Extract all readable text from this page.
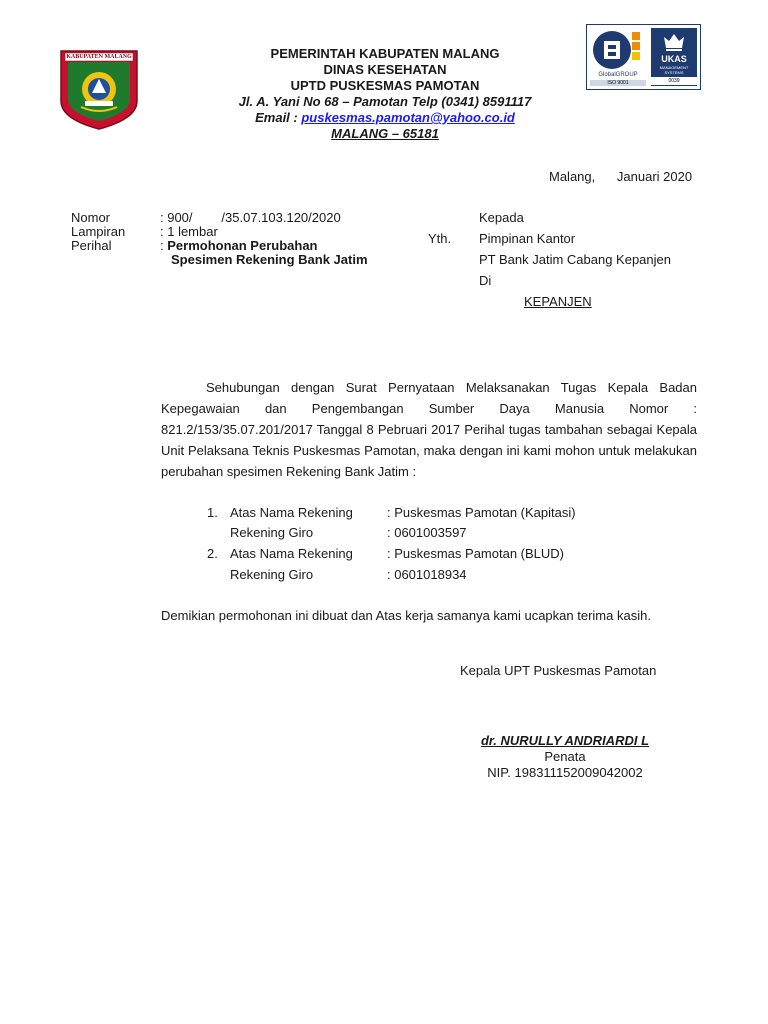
KABUPATEN MALANG	PEMERINTAH KABUPATEN MALANG
DINAS KESEHATAN
UPTD PUSKESMAS PAMOTAN
Jl. A. Yani No 68 – Pamotan Telp (0341) 8591117
Email : puskesmas.pamotan@yahoo.co.id
MALANG – 65181
GlobalGROUP
ISO 9001
UKAS
MANAGEMENT SYSTEMS
0039
Malang,      Januari 2020
Nomor	: 900/        /35.07.103.120/2020
Lampiran	: 1 lembar
Perihal	: Permohonan Perubahan
Spesimen Rekening Bank Jatim
Kepada
Yth. Pimpinan Kantor
PT Bank Jatim Cabang Kepanjen
Di
KEPANJEN
Sehubungan dengan Surat Pernyataan Melaksanakan Tugas Kepala Badan Kepegawaian dan Pengembangan Sumber Daya Manusia Nomor : 821.2/153/35.07.201/2017 Tanggal 8 Pebruari 2017 Perihal tugas tambahan sebagai Kepala Unit Pelaksana Teknis Puskesmas Pamotan, maka dengan ini kami mohon untuk melakukan perubahan spesimen Rekening Bank Jatim :
1. Atas Nama Rekening	: Puskesmas Pamotan (Kapitasi)
Rekening Giro	: 0601003597
2. Atas Nama Rekening	: Puskesmas Pamotan (BLUD)
Rekening Giro	: 0601018934
Demikian permohonan ini dibuat dan Atas kerja samanya kami ucapkan terima kasih.
Kepala UPT Puskesmas Pamotan
dr. NURULLY ANDRIARDI L
Penata
NIP. 198311152009042002
